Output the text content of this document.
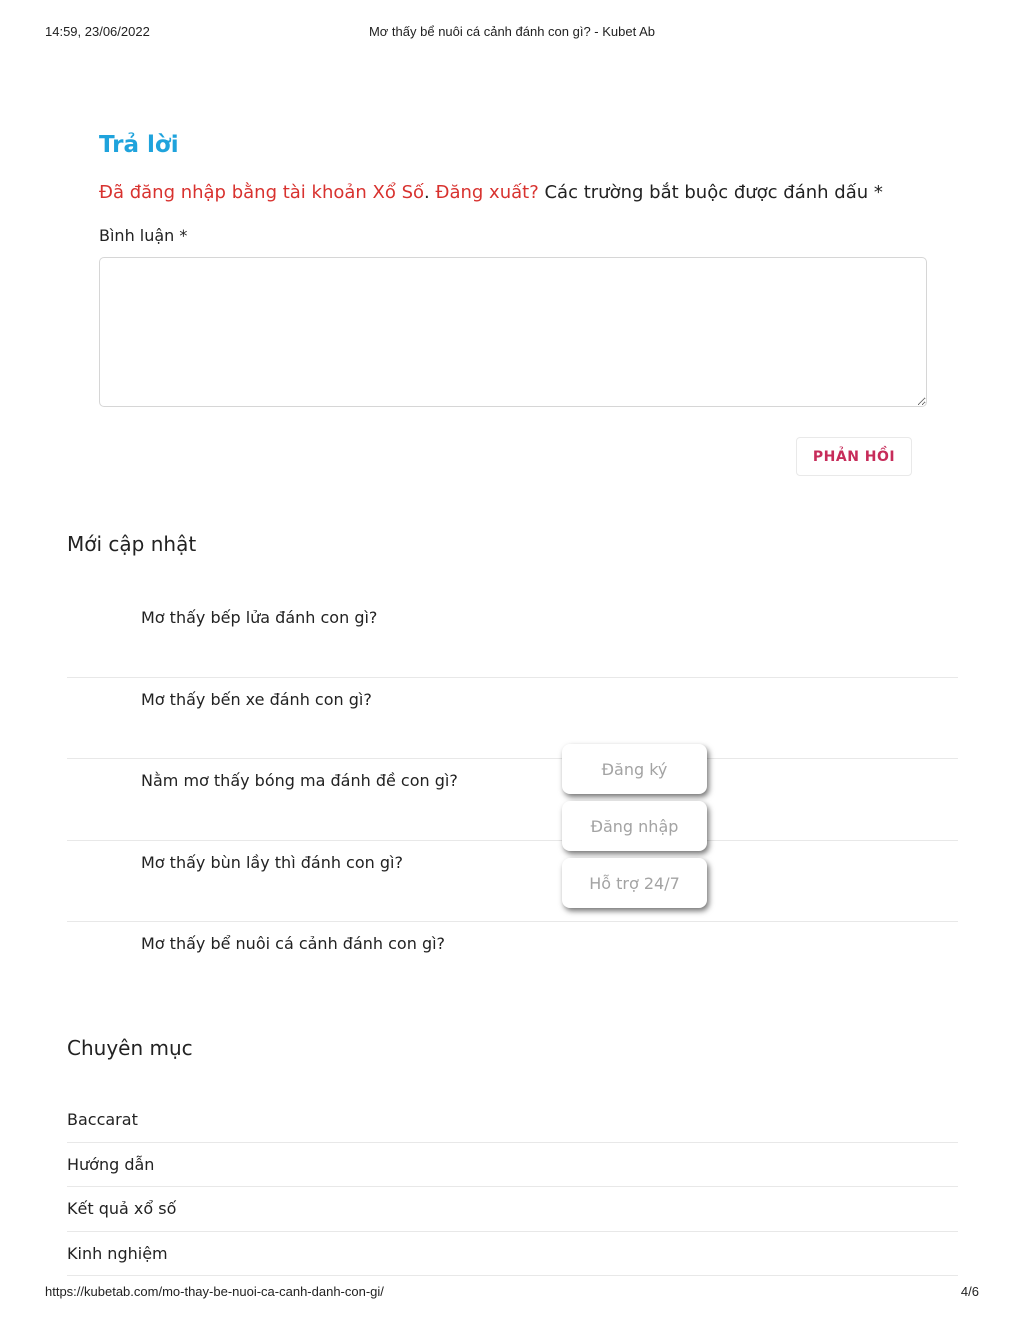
14:59, 23/06/2022	Mơ thấy bể nuôi cá cảnh đánh con gì? - Kubet Ab
Trả lời

Đã đăng nhập bằng tài khoản Xổ Số. Đăng xuất? Các trường bắt buộc được đánh dấu *

Bình luận *
PHẢN HỒI
Mới cập nhật
Mơ thấy bếp lửa đánh con gì?
Mơ thấy bến xe đánh con gì?
Nằm mơ thấy bóng ma đánh đề con gì?
Mơ thấy bùn lầy thì đánh con gì?
Mơ thấy bể nuôi cá cảnh đánh con gì?
Chuyên mục
Baccarat
Hướng dẫn
Kết quả xổ số
Kinh nghiệm
Đăng ký
Đăng nhập
Hỗ trợ 24/7
https://kubetab.com/mo-thay-be-nuoi-ca-canh-danh-con-gi/	4/6
